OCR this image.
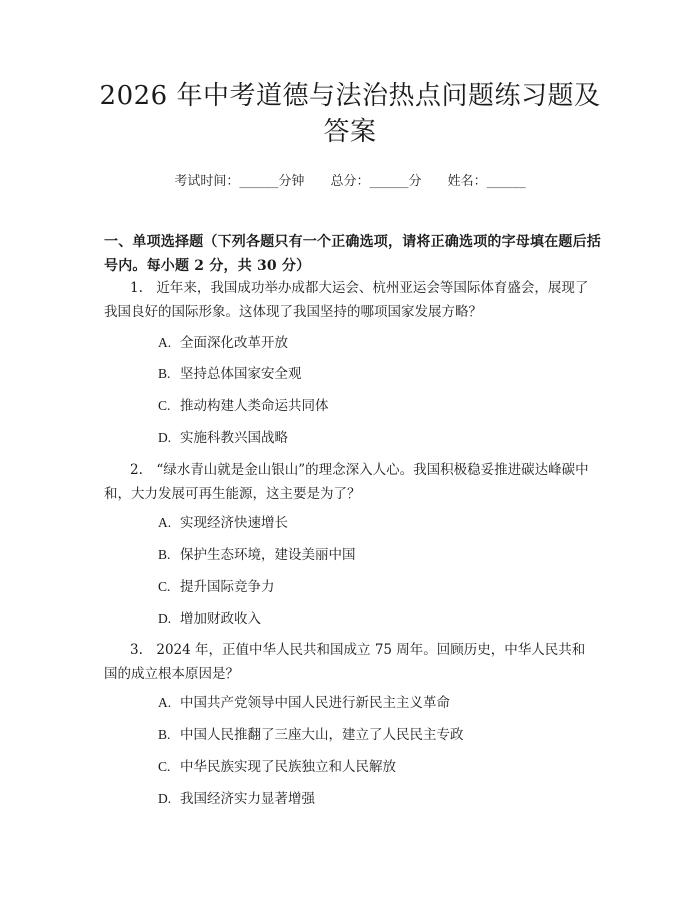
2026 年中考道德与法治热点问题练习题及答案
考试时间：______分钟 总分：______分 姓名：______
一、单项选择题（下列各题只有一个正确选项，请将正确选项的字母填在题后括号内。每小题 2 分，共 30 分）
1.　近年来，我国成功举办成都大运会、杭州亚运会等国际体育盛会，展现了我国良好的国际形象。这体现了我国坚持的哪项国家发展方略？
A. 全面深化改革开放
B. 坚持总体国家安全观
C. 推动构建人类命运共同体
D. 实施科教兴国战略
2.　“绿水青山就是金山银山”的理念深入人心。我国积极稳妥推进碳达峰碳中和，大力发展可再生能源，这主要是为了？
A. 实现经济快速增长
B. 保护生态环境，建设美丽中国
C. 提升国际竞争力
D. 增加财政收入
3.　2024 年，正值中华人民共和国成立 75 周年。回顾历史，中华人民共和国的成立根本原因是？
A. 中国共产党领导中国人民进行新民主主义革命
B. 中国人民推翻了三座大山，建立了人民民主专政
C. 中华民族实现了民族独立和人民解放
D. 我国经济实力显著增强
